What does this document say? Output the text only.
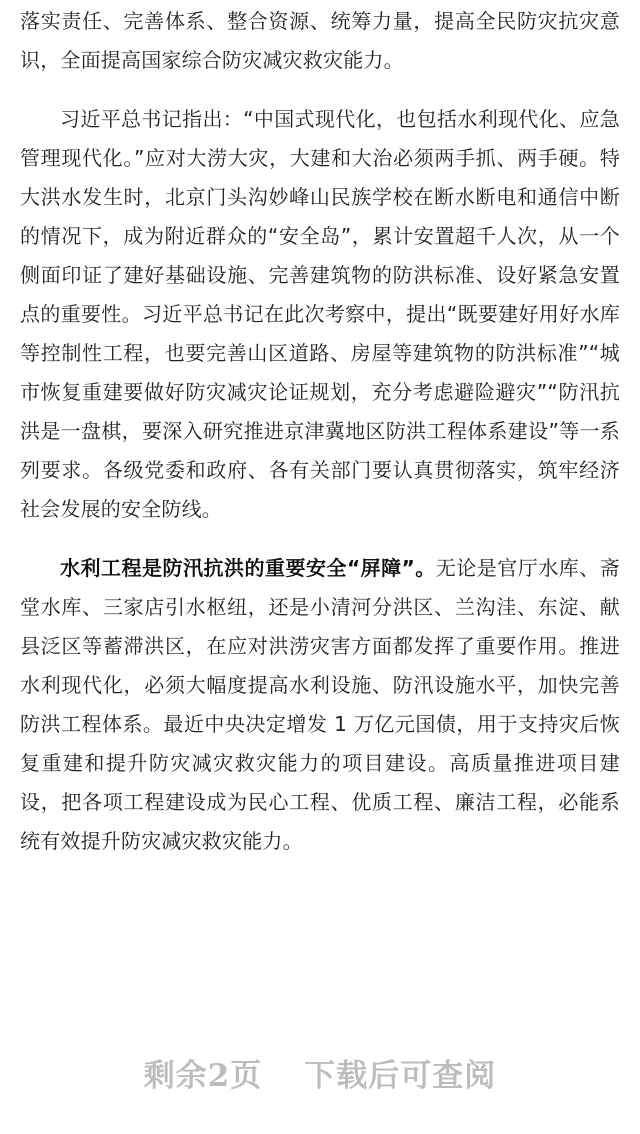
落实责任、完善体系、整合资源、统筹力量，提高全民防灾抗灾意识，全面提高国家综合防灾减灾救灾能力。

习近平总书记指出：“中国式现代化，也包括水利现代化、应急管理现代化。”应对大涝大灾，大建和大治必须两手抓、两手硬。特大洪水发生时，北京门头沟妙峰山民族学校在断水断电和通信中断的情况下，成为附近群众的“安全岛”，累计安置超千人次，从一个侧面印证了建好基础设施、完善建筑物的防洪标准、设好紧急安置点的重要性。习近平总书记在此次考察中，提出“既要建好用好水库等控制性工程，也要完善山区道路、房屋等建筑物的防洪标准”“城市恢复重建要做好防灾减灾论证规划，充分考虑避险避灾”“防汛抗洪是一盘棋，要深入研究推进京津冀地区防洪工程体系建设”等一系列要求。各级党委和政府、各有关部门要认真贯彻落实，筑牢经济社会发展的安全防线。

水利工程是防汛抗洪的重要安全“屏障”。无论是官厅水库、斋堂水库、三家店引水枢纽，还是小清河分洪区、兰沟洼、东淀、献县泛区等蓄滞洪区，在应对洪涝灾害方面都发挥了重要作用。推进水利现代化，必须大幅度提高水利设施、防汛设施水平，加快完善防洪工程体系。最近中央决定增发 1 万亿元国债，用于支持灾后恢复重建和提升防灾减灾救灾能力的项目建设。高质量推进项目建设，把各项工程建设成为民心工程、优质工程、廉洁工程，必能系统有效提升防灾减灾救灾能力。

剩余2页 下载后可查阅
